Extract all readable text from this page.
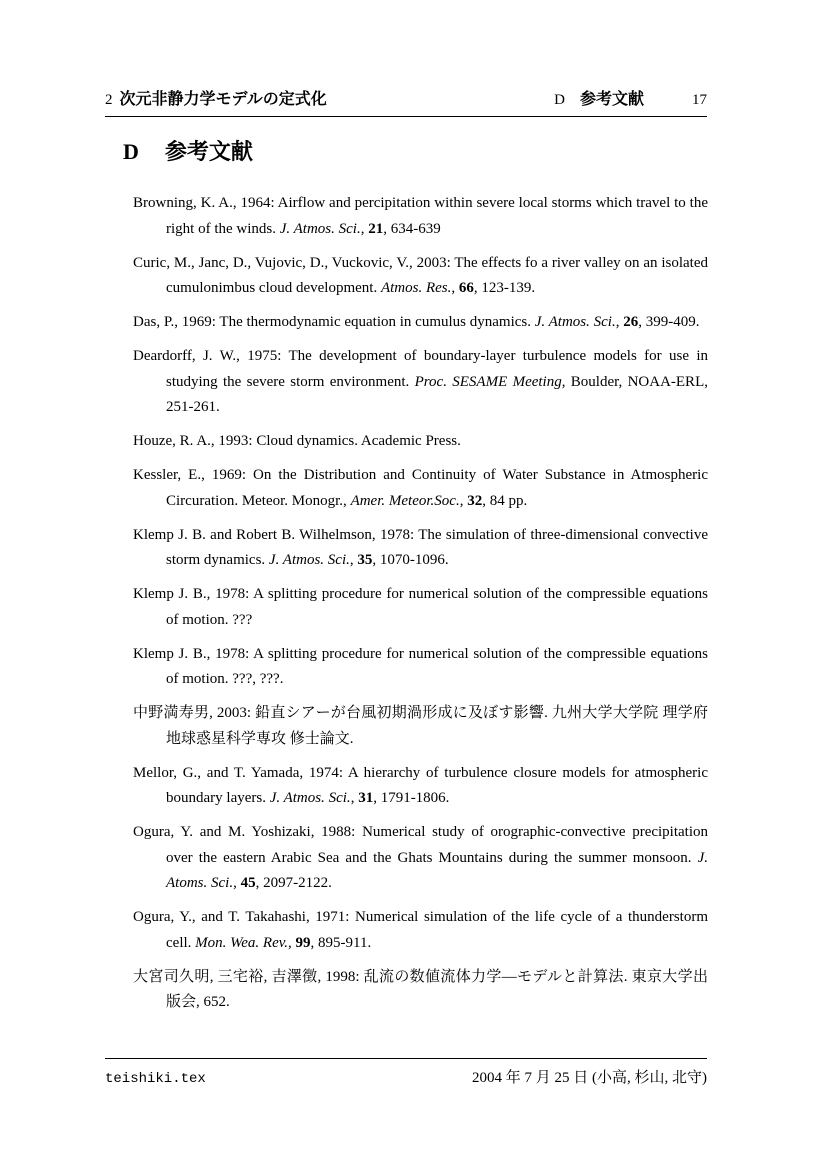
2 次元非静力学モデルの定式化	D 参考文献	17
D 参考文献

Browning, K. A., 1964: Airflow and percipitation within severe local storms which travel to the right of the winds. J. Atmos. Sci., 21, 634-639

Curic, M., Janc, D., Vujovic, D., Vuckovic, V., 2003: The effects fo a river valley on an isolated cumulonimbus cloud development. Atmos. Res., 66, 123-139.

Das, P., 1969: The thermodynamic equation in cumulus dynamics. J. Atmos. Sci., 26, 399-409.

Deardorff, J. W., 1975: The development of boundary-layer turbulence models for use in studying the severe storm environment. Proc. SESAME Meeting, Boulder, NOAA-ERL, 251-261.

Houze, R. A., 1993: Cloud dynamics. Academic Press.

Kessler, E., 1969: On the Distribution and Continuity of Water Substance in Atmospheric Circuration. Meteor. Monogr., Amer. Meteor.Soc., 32, 84 pp.

Klemp J. B. and Robert B. Wilhelmson, 1978: The simulation of three-dimensional convective storm dynamics. J. Atmos. Sci., 35, 1070-1096.

Klemp J. B., 1978: A splitting procedure for numerical solution of the compressible equations of motion. ???

Klemp J. B., 1978: A splitting procedure for numerical solution of the compressible equations of motion. ???, ???.

中野満寿男, 2003: 鉛直シアーが台風初期渦形成に及ぼす影響. 九州大学大学院 理学府 地球惑星科学専攻 修士論文.

Mellor, G., and T. Yamada, 1974: A hierarchy of turbulence closure models for atmospheric boundary layers. J. Atmos. Sci., 31, 1791-1806.

Ogura, Y. and M. Yoshizaki, 1988: Numerical study of orographic-convective precipitation over the eastern Arabic Sea and the Ghats Mountains during the summer monsoon. J. Atoms. Sci., 45, 2097-2122.

Ogura, Y., and T. Takahashi, 1971: Numerical simulation of the life cycle of a thunderstorm cell. Mon. Wea. Rev., 99, 895-911.

大宮司久明, 三宅裕, 吉澤徴, 1998: 乱流の数値流体力学—モデルと計算法. 東京大学出版会, 652.

teishiki.tex	2004 年 7 月 25 日 (小高, 杉山, 北守)
